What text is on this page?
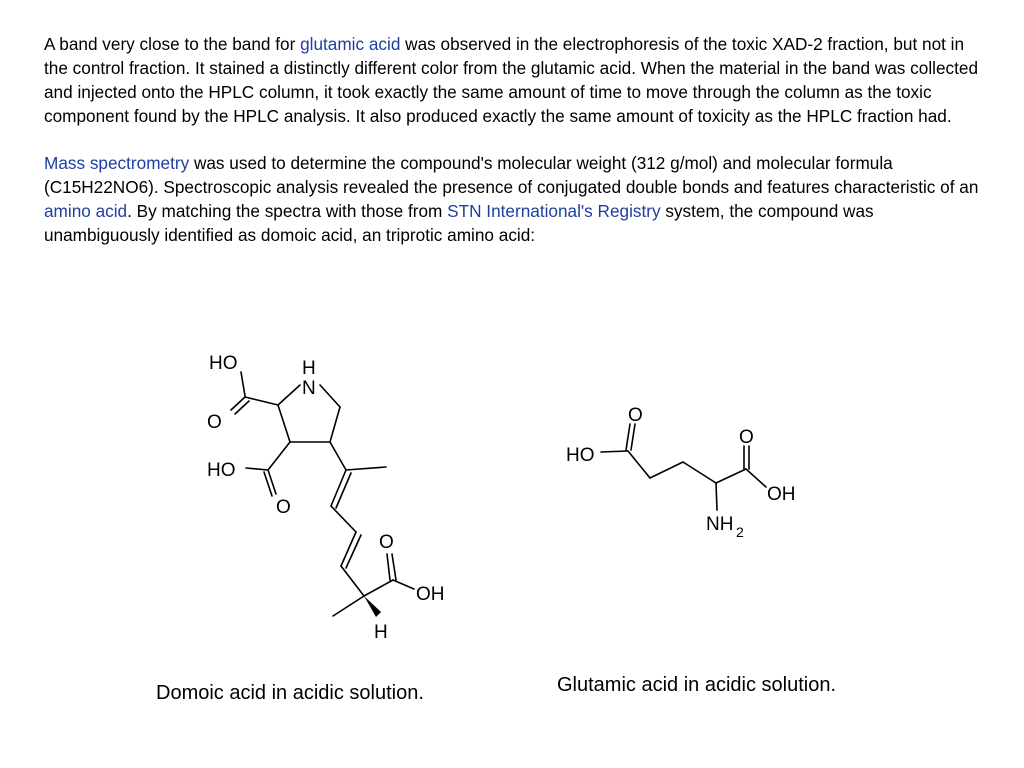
A band very close to the band for glutamic acid was observed in the electrophoresis of the toxic XAD-2 fraction, but not in the control fraction. It stained a distinctly different color from the glutamic acid. When the material in the band was collected and injected onto the HPLC column, it took exactly the same amount of time to move through the column as the toxic component found by the HPLC analysis. It also produced exactly the same amount of toxicity as the HPLC fraction had.
Mass spectrometry was used to determine the compound's molecular weight (312 g/mol) and molecular formula (C15H22NO6). Spectroscopic analysis revealed the presence of conjugated double bonds and features characteristic of an amino acid. By matching the spectra with those from STN International's Registry system, the compound was unambiguously identified as domoic acid, an triprotic amino acid:
HO
O
H
N
HO
O
O
OH
H
O
HO
O
OH
NH 2
Domoic acid in acidic solution.	Glutamic acid in acidic solution.
